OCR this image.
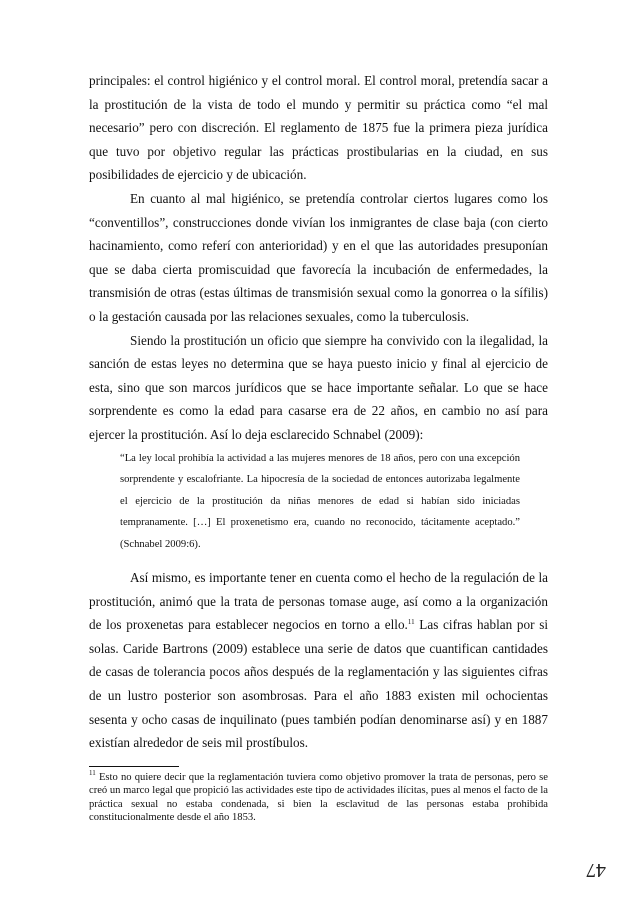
principales: el control higiénico y el control moral. El control moral, pretendía sacar a la prostitución de la vista de todo el mundo y permitir su práctica como “el mal necesario” pero con discreción. El reglamento de 1875 fue la primera pieza jurídica que tuvo por objetivo regular las prácticas prostibularias en la ciudad, en sus posibilidades de ejercicio y de ubicación.

En cuanto al mal higiénico, se pretendía controlar ciertos lugares como los “conventillos”, construcciones donde vivían los inmigrantes de clase baja (con cierto hacinamiento, como referí con anterioridad) y en el que las autoridades presuponían que se daba cierta promiscuidad que favorecía la incubación de enfermedades, la transmisión de otras (estas últimas de transmisión sexual como la gonorrea o la sífilis) o la gestación causada por las relaciones sexuales, como la tuberculosis.

Siendo la prostitución un oficio que siempre ha convivido con la ilegalidad, la sanción de estas leyes no determina que se haya puesto inicio y final al ejercicio de esta, sino que son marcos jurídicos que se hace importante señalar. Lo que se hace sorprendente es como la edad para casarse era de 22 años, en cambio no así para ejercer la prostitución. Así lo deja esclarecido Schnabel (2009):

“La ley local prohibía la actividad a las mujeres menores de 18 años, pero con una excepción sorprendente y escalofriante. La hipocresía de la sociedad de entonces autorizaba legalmente el ejercicio de la prostitución da niñas menores de edad si habían sido iniciadas tempranamente. […] El proxenetismo era, cuando no reconocido, tácitamente aceptado.” (Schnabel 2009:6).

Así mismo, es importante tener en cuenta como el hecho de la regulación de la prostitución, animó que la trata de personas tomase auge, así como a la organización de los proxenetas para establecer negocios en torno a ello.$^{11}$ Las cifras hablan por si solas. Caride Bartrons (2009) establece una serie de datos que cuantifican cantidades de casas de tolerancia pocos años después de la reglamentación y las siguientes cifras de un lustro posterior son asombrosas. Para el año 1883 existen mil ochocientas sesenta y ocho casas de inquilinato (pues también podían denominarse así) y en 1887 existían alrededor de seis mil prostíbulos.

$^{11}$ Esto no quiere decir que la reglamentación tuviera como objetivo promover la trata de personas, pero se creó un marco legal que propició las actividades este tipo de actividades ilícitas, pues al menos el facto de la práctica sexual no estaba condenada, si bien la esclavitud de las personas estaba prohibida constitucionalmente desde el año 1853.

47
